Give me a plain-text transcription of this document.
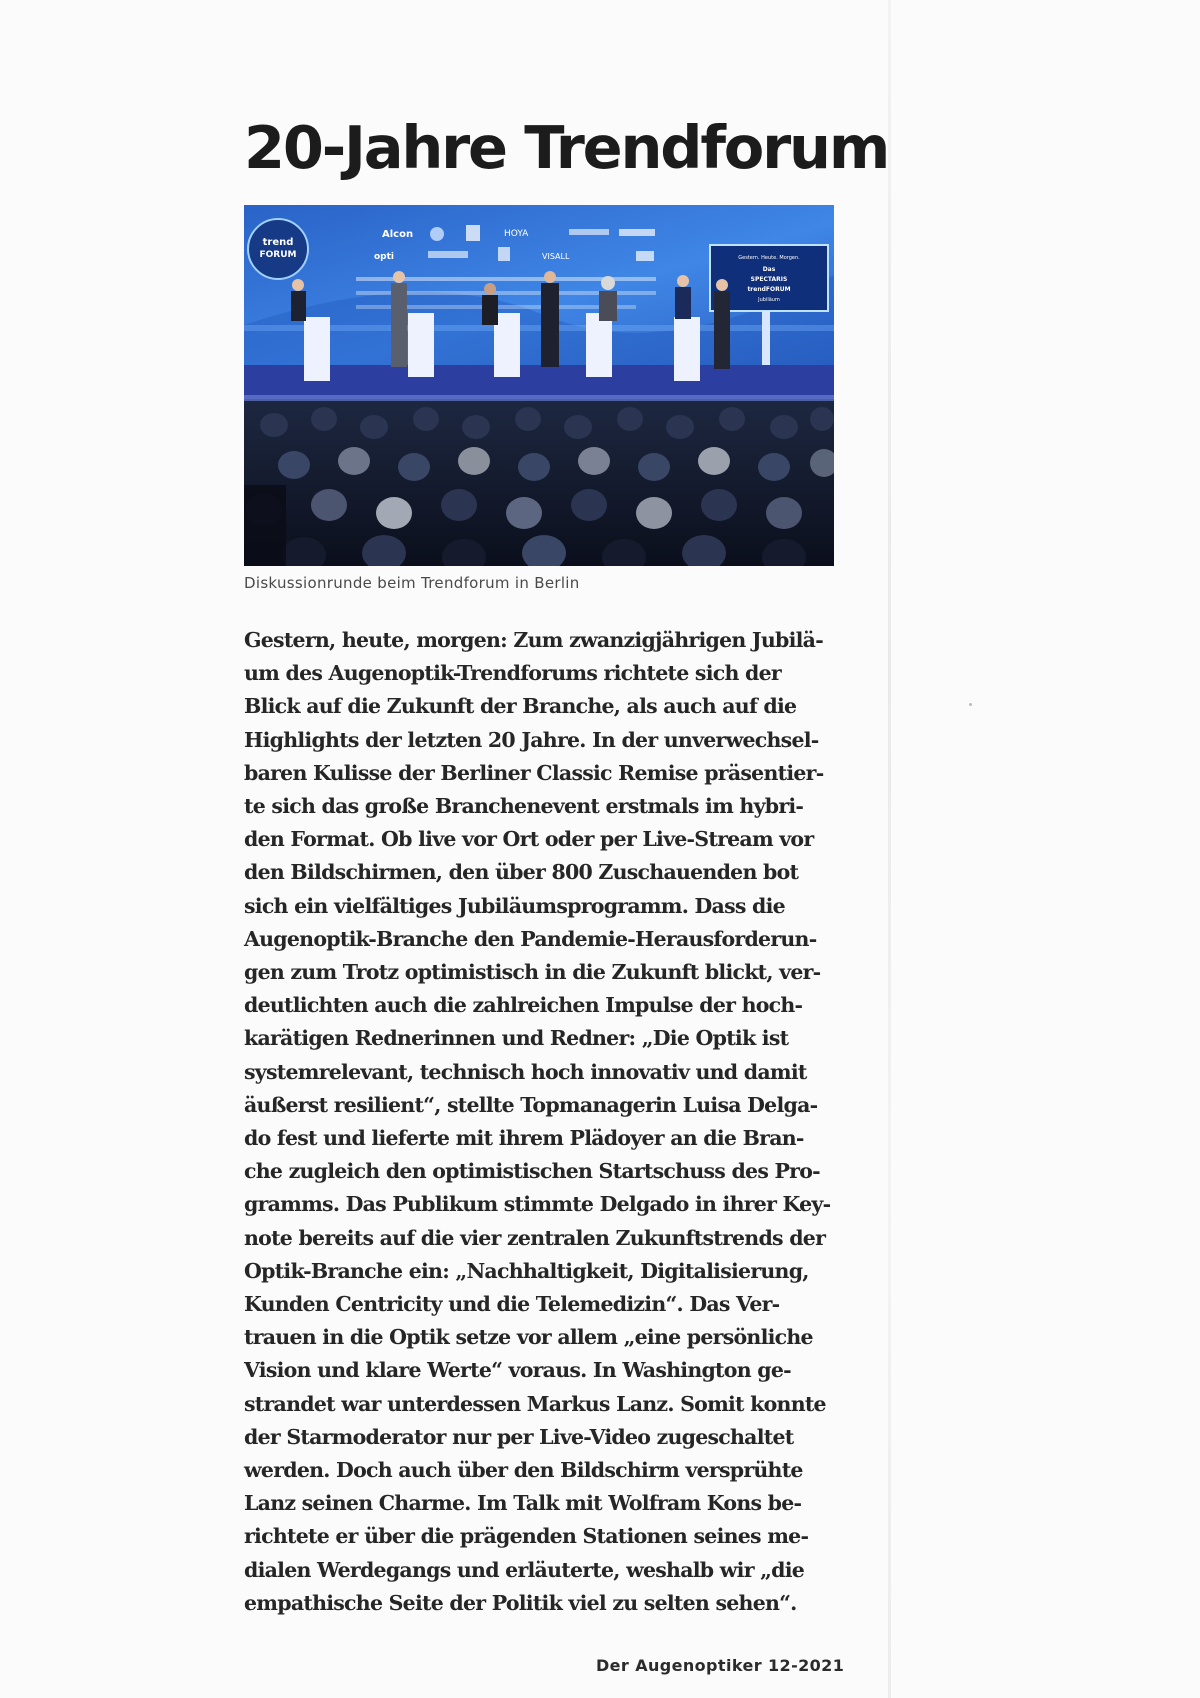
20-Jahre Trendforum
trend
FORUM
Alcon	HOYA
opti	VISALL	Gestern. Heute. Morgen.
Das
SPECTARIS
trendFORUM
Jubiläum
Diskussionrunde beim Trendforum in Berlin
Gestern, heute, morgen: Zum zwanzigjährigen Jubilä-
um des Augenoptik-Trendforums richtete sich der
Blick auf die Zukunft der Branche, als auch auf die
Highlights der letzten 20 Jahre. In der unverwechsel-
baren Kulisse der Berliner Classic Remise präsentier-
te sich das große Branchenevent erstmals im hybri-
den Format. Ob live vor Ort oder per Live-Stream vor
den Bildschirmen, den über 800 Zuschauenden bot
sich ein vielfältiges Jubiläumsprogramm. Dass die
Augenoptik-Branche den Pandemie-Herausforderun-
gen zum Trotz optimistisch in die Zukunft blickt, ver-
deutlichten auch die zahlreichen Impulse der hoch-
karätigen Rednerinnen und Redner: „Die Optik ist
systemrelevant, technisch hoch innovativ und damit
äußerst resilient“, stellte Topmanagerin Luisa Delga-
do fest und lieferte mit ihrem Plädoyer an die Bran-
che zugleich den optimistischen Startschuss des Pro-
gramms. Das Publikum stimmte Delgado in ihrer Key-
note bereits auf die vier zentralen Zukunftstrends der
Optik-Branche ein: „Nachhaltigkeit, Digitalisierung,
Kunden Centricity und die Telemedizin“. Das Ver-
trauen in die Optik setze vor allem „eine persönliche
Vision und klare Werte“ voraus. In Washington ge-
strandet war unterdessen Markus Lanz. Somit konnte
der Starmoderator nur per Live-Video zugeschaltet
werden. Doch auch über den Bildschirm versprühte
Lanz seinen Charme. Im Talk mit Wolfram Kons be-
richtete er über die prägenden Stationen seines me-
dialen Werdegangs und erläuterte, weshalb wir „die
empathische Seite der Politik viel zu selten sehen“.
Der Augenoptiker 12-2021
